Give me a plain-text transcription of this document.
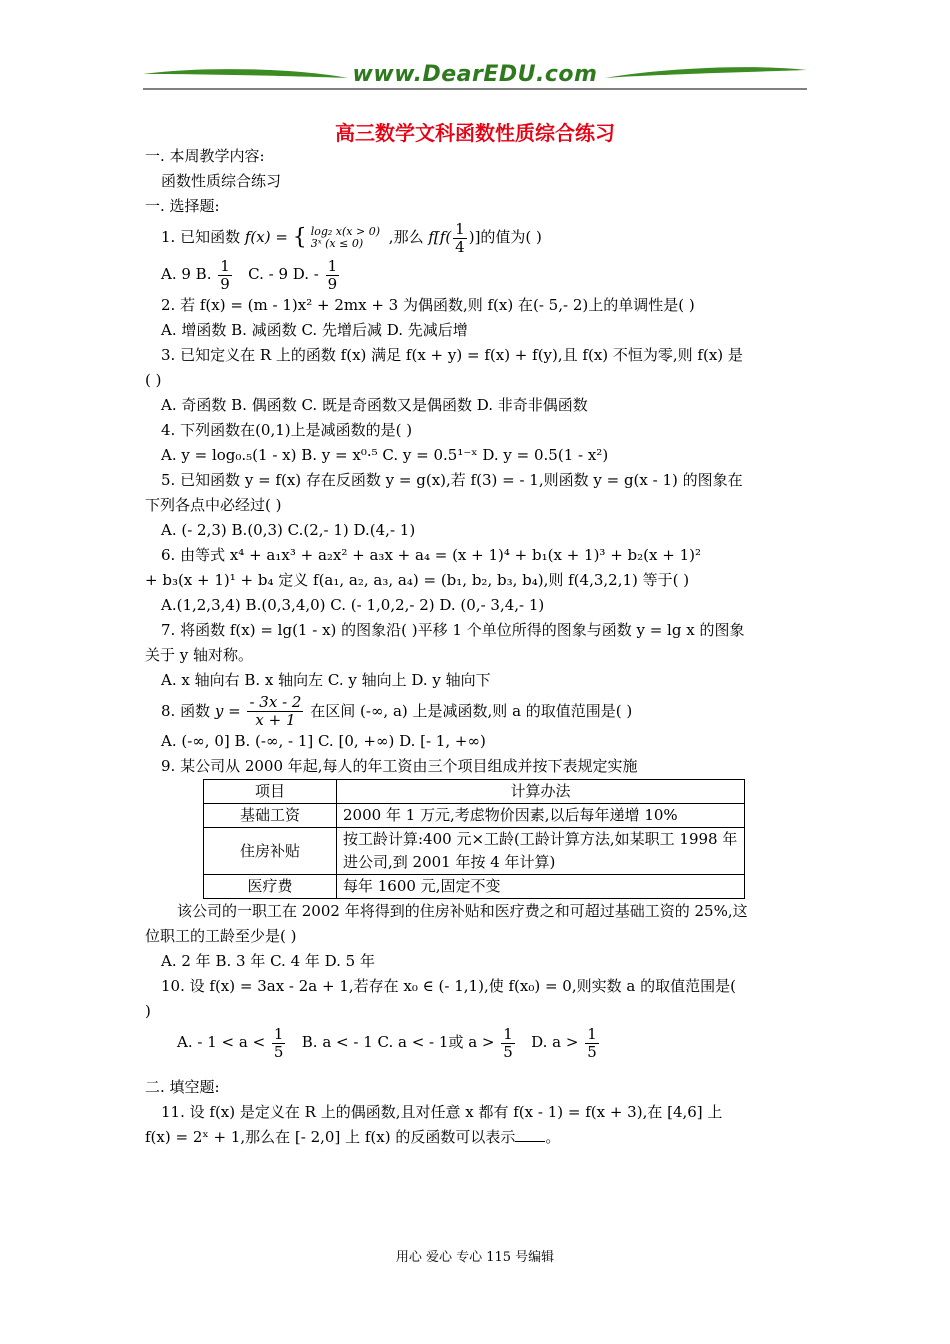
www.DearEDU.com
高三数学文科函数性质综合练习
一. 本周教学内容:
函数性质综合练习
一. 选择题:
1. 已知函数 f(x) = { log₂ x(x > 0)
3ˣ (x ≤ 0) ,那么 $f[f( \frac{1}{4}$ )]的值为( )
A. 9 B. $\frac{1}{9} C$. - 9 D. - $\frac{1}{9}$
2. 若 f(x) = (m - 1)x² + 2mx + 3 为偶函数,则 f(x) 在(- 5,- 2)上的单调性是( )
A. 增函数 B. 减函数 C. 先增后减 D. 先减后增
3. 已知定义在 R 上的函数 f(x) 满足 f(x + y) = f(x) + f(y),且 f(x) 不恒为零,则 f(x) 是
( )
A. 奇函数 B. 偶函数 C. 既是奇函数又是偶函数 D. 非奇非偶函数
4. 下列函数在(0,1)上是减函数的是( )
A. y = log₀.₅(1 - x) B. y = x⁰·⁵ C. y = 0.5¹⁻ˣ D. y = 0.5(1 - x²)
5. 已知函数 y = f(x) 存在反函数 y = g(x),若 f(3) = - 1,则函数 y = g(x - 1) 的图象在
下列各点中必经过( )
A. (- 2,3) B.(0,3) C.(2,- 1) D.(4,- 1)
6. 由等式 x⁴ + a₁x³ + a₂x² + a₃x + a₄ = (x + 1)⁴ + b₁(x + 1)³ + b₂(x + 1)²
+ b₃(x + 1)¹ + b₄ 定义 f(a₁, a₂, a₃, a₄) = (b₁, b₂, b₃, b₄),则 f(4,3,2,1) 等于( )
A.(1,2,3,4) B.(0,3,4,0) C. (- 1,0,2,- 2) D. (0,- 3,4,- 1)
7. 将函数 f(x) = lg(1 - x) 的图象沿( )平移 1 个单位所得的图象与函数 y = lg x 的图象
关于 y 轴对称。
A. x 轴向右 B. x 轴向左 C. y 轴向上 D. y 轴向下
8. 函数 $y = \frac{- 3x - 2}{x + 1}$ 在区间 (-∞, a) 上是减函数,则 a 的取值范围是( )
A. (-∞, 0] B. (-∞, - 1] C. [0, +∞) D. [- 1, +∞)
9. 某公司从 2000 年起,每人的年工资由三个项目组成并按下表规定实施
项目	计算办法
基础工资	2000 年 1 万元,考虑物价因素,以后每年递增 10%
住房补贴	按工龄计算:400 元×工龄(工龄计算方法,如某职工 1998 年进公司,到 2001 年按 4 年计算)
医疗费	每年 1600 元,固定不变
该公司的一职工在 2002 年将得到的住房补贴和医疗费之和可超过基础工资的 25%,这
位职工的工龄至少是( )
A. 2 年 B. 3 年 C. 4 年 D. 5 年
10. 设 f(x) = 3ax - 2a + 1,若存在 x₀ ∈ (- 1,1),使 f(x₀) = 0,则实数 a 的取值范围是(
)
A. - $1 < a < \frac{1}{5} B$. a < - 1 C. a < - 1或 $a > \frac{1}{5} D$. $a > \frac{1}{5}$
二. 填空题:
11. 设 f(x) 是定义在 R 上的偶函数,且对任意 x 都有 f(x - 1) = f(x + 3),在 [4,6] 上
f(x) = 2ˣ + 1,那么在 [- 2,0] 上 f(x) 的反函数可以表示 。
用心 爱心 专心 115 号编辑
